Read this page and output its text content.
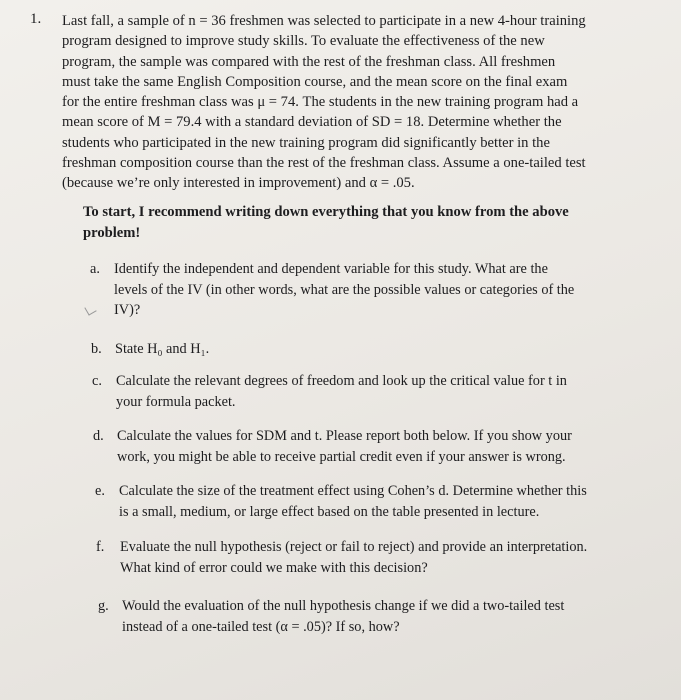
1. Last fall, a sample of n = 36 freshmen was selected to participate in a new 4-hour training
program designed to improve study skills. To evaluate the effectiveness of the new
program, the sample was compared with the rest of the freshman class. All freshmen
must take the same English Composition course, and the mean score on the final exam
for the entire freshman class was μ = 74. The students in the new training program had a
mean score of M = 79.4 with a standard deviation of SD = 18. Determine whether the
students who participated in the new training program did significantly better in the
freshman composition course than the rest of the freshman class. Assume a one-tailed test
(because we’re only interested in improvement) and α = .05.
To start, I recommend writing down everything that you know from the above
problem!
a. Identify the independent and dependent variable for this study. What are the
levels of the IV (in other words, what are the possible values or categories of the
IV)?
b. State H₀ and H₁.
c. Calculate the relevant degrees of freedom and look up the critical value for t in
your formula packet.
d. Calculate the values for SDM and t. Please report both below. If you show your
work, you might be able to receive partial credit even if your answer is wrong.
e. Calculate the size of the treatment effect using Cohen’s d. Determine whether this
is a small, medium, or large effect based on the table presented in lecture.
f. Evaluate the null hypothesis (reject or fail to reject) and provide an interpretation.
What kind of error could we make with this decision?
g. Would the evaluation of the null hypothesis change if we did a two-tailed test
instead of a one-tailed test (α = .05)? If so, how?
